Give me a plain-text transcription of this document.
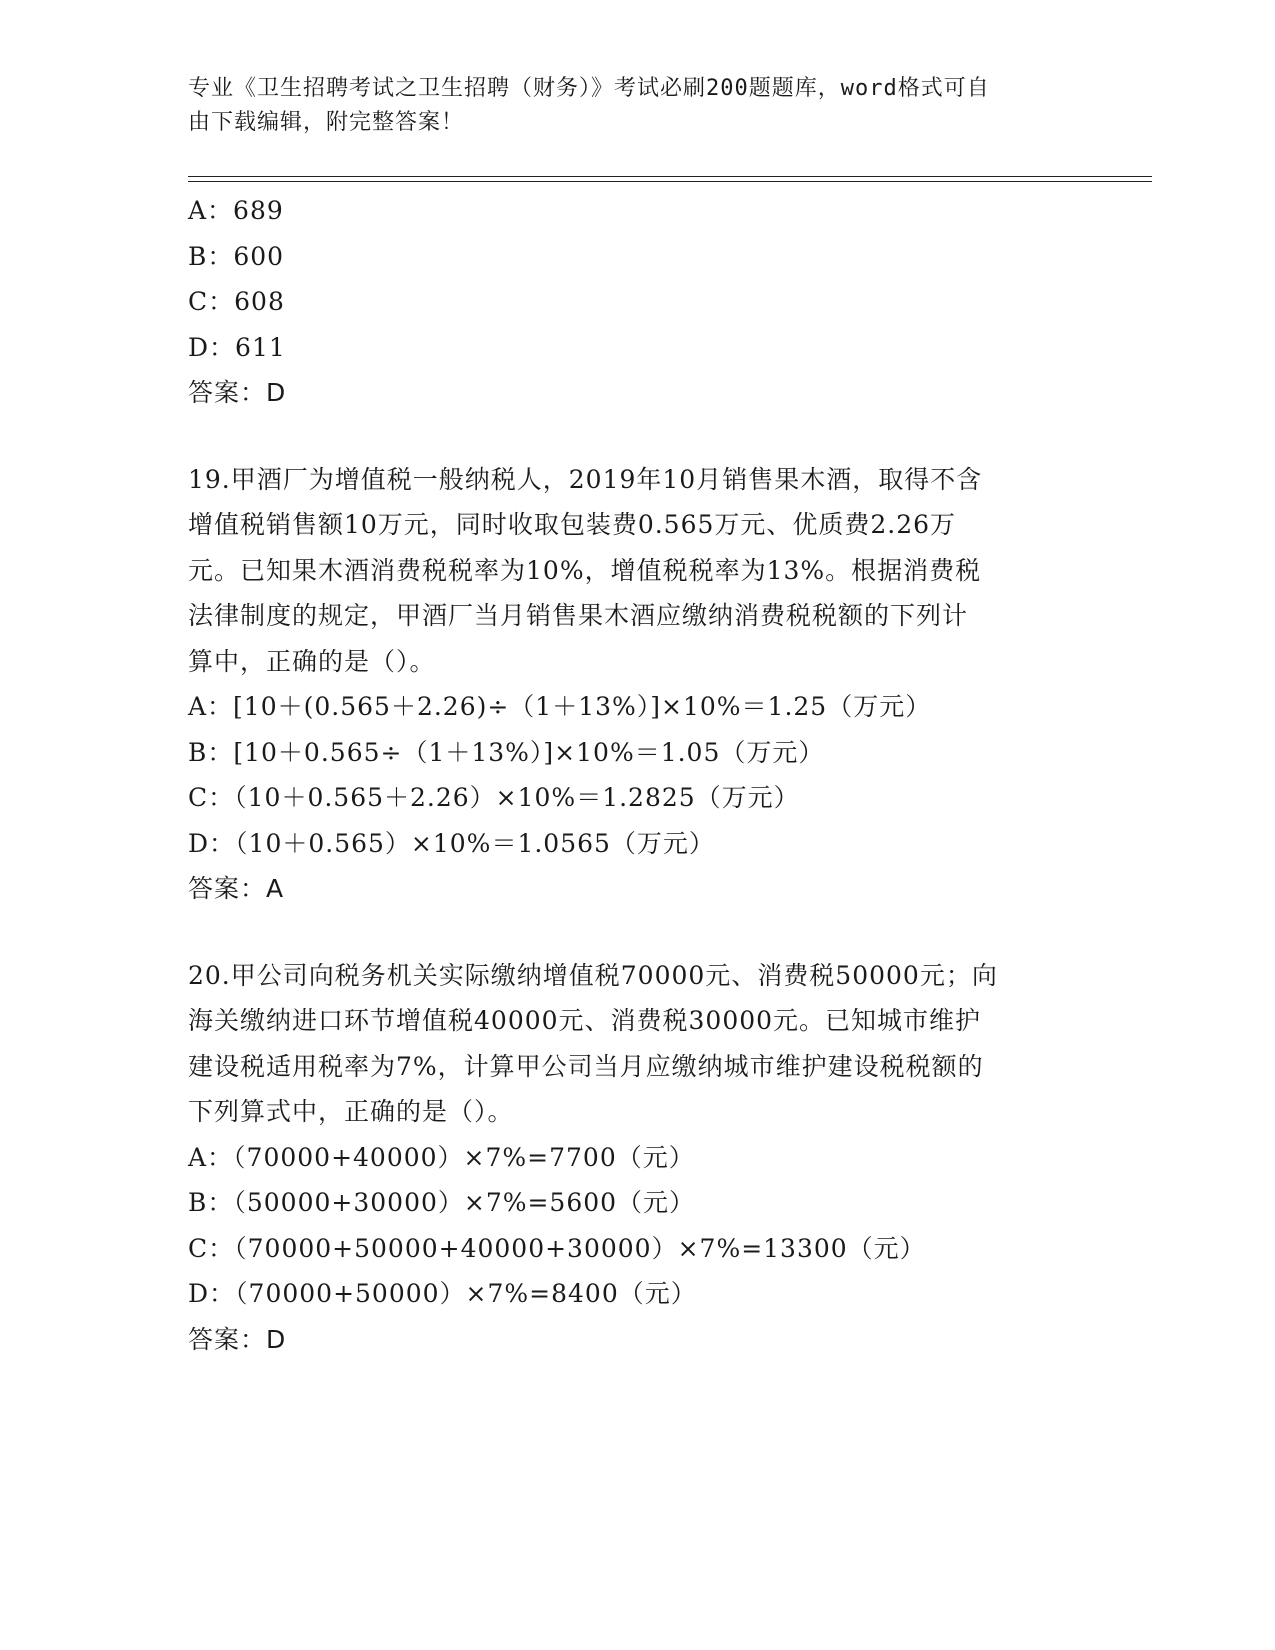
专业《卫生招聘考试之卫生招聘（财务）》考试必刷200题题库，word格式可自
由下载编辑，附完整答案！
A：689
B：600
C：608
D：611
答案：D
19.甲酒厂为增值税一般纳税人，2019年10月销售果木酒，取得不含
增值税销售额10万元，同时收取包装费0.565万元、优质费2.26万
元。已知果木酒消费税税率为10%，增值税税率为13%。根据消费税
法律制度的规定，甲酒厂当月销售果木酒应缴纳消费税税额的下列计
算中，正确的是（）。
A：[10＋(0.565＋2.26)÷（1＋13%）]×10%＝1.25（万元）
B：[10＋0.565÷（1＋13%）]×10%＝1.05（万元）
C：（10＋0.565＋2.26）×10%＝1.2825（万元）
D：（10＋0.565）×10%＝1.0565（万元）
答案：A
20.甲公司向税务机关实际缴纳增值税70000元、消费税50000元；向
海关缴纳进口环节增值税40000元、消费税30000元。已知城市维护
建设税适用税率为7%，计算甲公司当月应缴纳城市维护建设税税额的
下列算式中，正确的是（）。
A：（70000+40000）×7%=7700（元）
B：（50000+30000）×7%=5600（元）
C：（70000+50000+40000+30000）×7%=13300（元）
D：（70000+50000）×7%=8400（元）
答案：D
